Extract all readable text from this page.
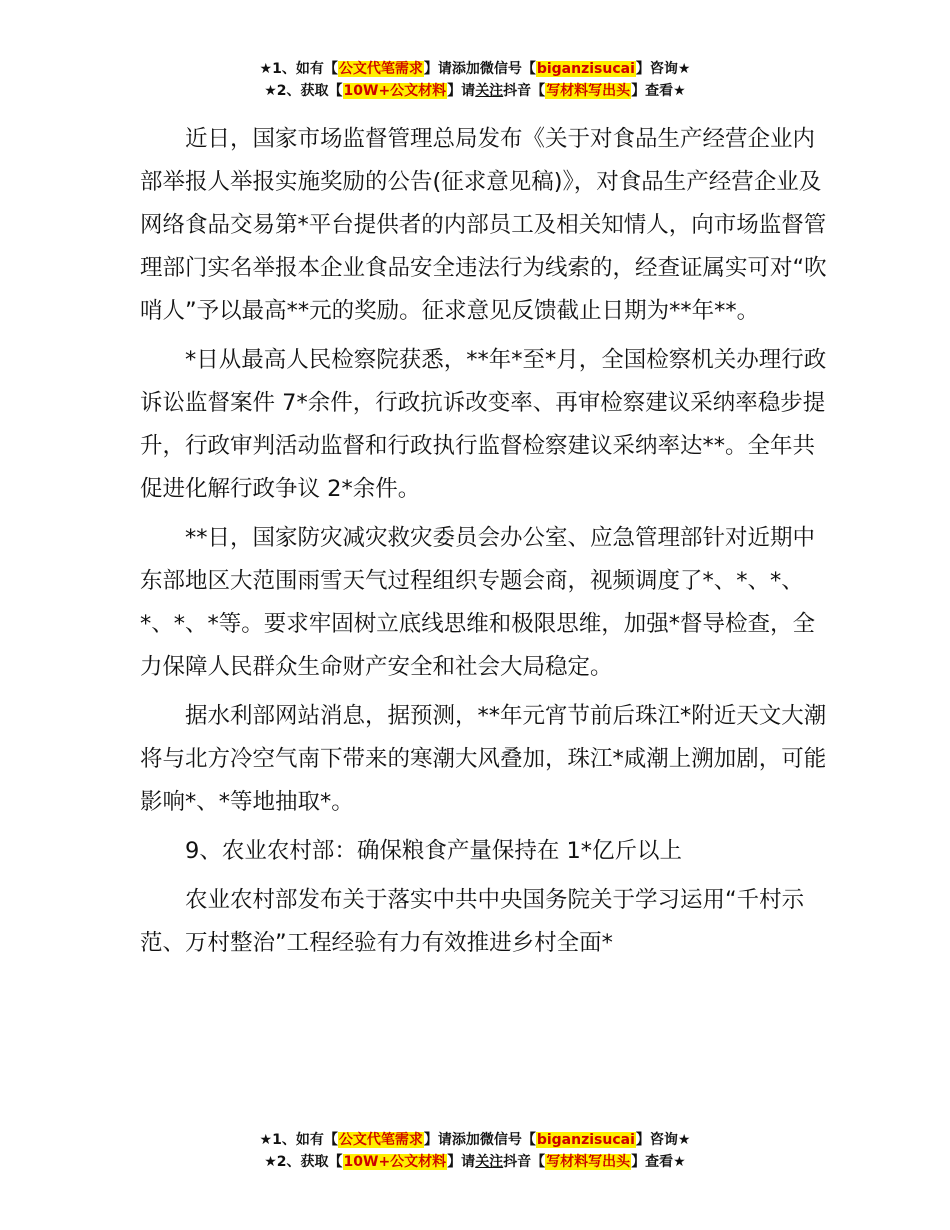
★1、如有【公文代笔需求】请添加微信号【biganzisucai】咨询★
★2、获取【10W+公文材料】请关注抖音【写材料写出头】查看★

近日，国家市场监督管理总局发布《关于对食品生产经营企业内部举报人举报实施奖励的公告(征求意见稿)》，对食品生产经营企业及网络食品交易第*平台提供者的内部员工及相关知情人，向市场监督管理部门实名举报本企业食品安全违法行为线索的，经查证属实可对“吹哨人”予以最高**元的奖励。征求意见反馈截止日期为**年**。

*日从最高人民检察院获悉，**年*至*月，全国检察机关办理行政诉讼监督案件 7*余件，行政抗诉改变率、再审检察建议采纳率稳步提升，行政审判活动监督和行政执行监督检察建议采纳率达**。全年共促进化解行政争议 2*余件。

**日，国家防灾减灾救灾委员会办公室、应急管理部针对近期中东部地区大范围雨雪天气过程组织专题会商，视频调度了*、*、*、*、*、*等。要求牢固树立底线思维和极限思维，加强*督导检查，全力保障人民群众生命财产安全和社会大局稳定。

据水利部网站消息，据预测，**年元宵节前后珠江*附近天文大潮将与北方冷空气南下带来的寒潮大风叠加，珠江*咸潮上溯加剧，可能影响*、*等地抽取*。

9、农业农村部：确保粮食产量保持在 1*亿斤以上

农业农村部发布关于落实中共中央国务院关于学习运用“千村示范、万村整治”工程经验有力有效推进乡村全面*

★1、如有【公文代笔需求】请添加微信号【biganzisucai】咨询★
★2、获取【10W+公文材料】请关注抖音【写材料写出头】查看★
